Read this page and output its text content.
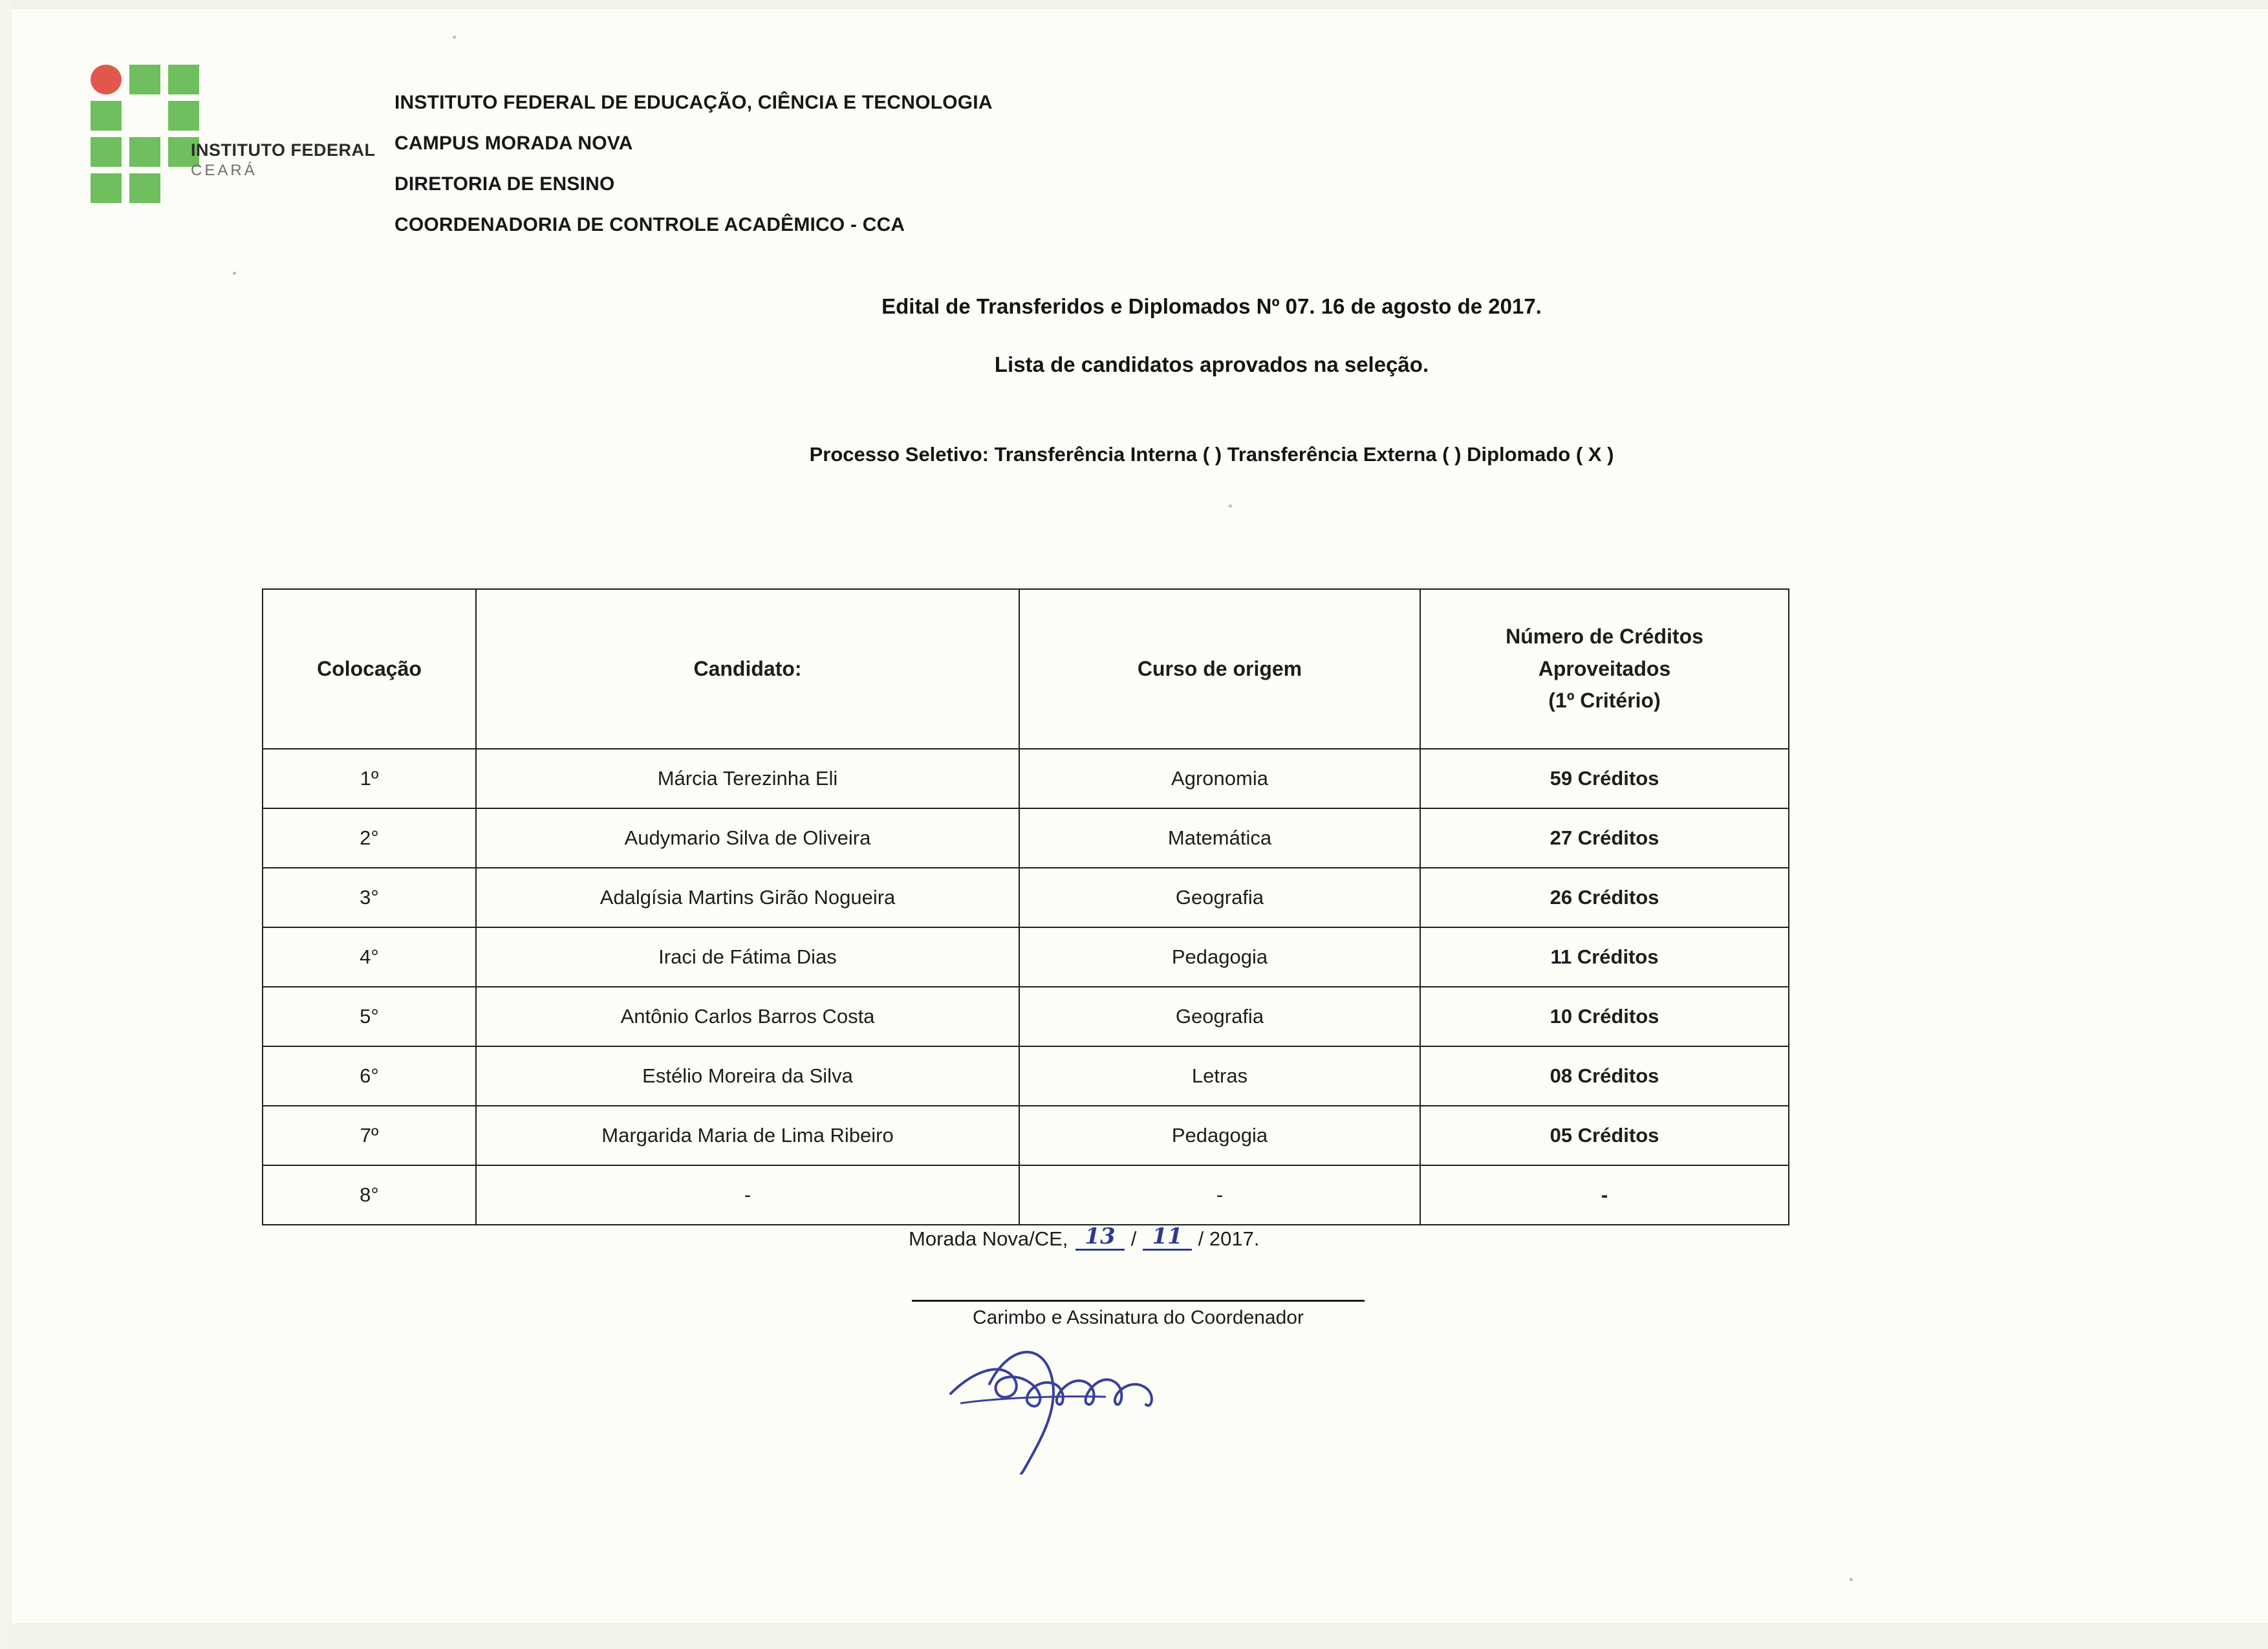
INSTITUTO FEDERAL
CEARÁ
INSTITUTO FEDERAL DE EDUCAÇÃO, CIÊNCIA E TECNOLOGIA
CAMPUS MORADA NOVA
DIRETORIA DE ENSINO
COORDENADORIA DE CONTROLE ACADÊMICO - CCA
Edital de Transferidos e Diplomados Nº 07. 16 de agosto de 2017.
Lista de candidatos aprovados na seleção.
Processo Seletivo: Transferência Interna ( ) Transferência Externa ( ) Diplomado ( X )
Colocação	Candidato:	Curso de origem	Número de Créditos
Aproveitados
(1º Critério)

1º	Márcia Terezinha Eli	Agronomia	59 Créditos
2°	Audymario Silva de Oliveira	Matemática	27 Créditos
3°	Adalgísia Martins Girão Nogueira	Geografia	26 Créditos
4°	Iraci de Fátima Dias	Pedagogia	11 Créditos
5°	Antônio Carlos Barros Costa	Geografia	10 Créditos
6°	Estélio Moreira da Silva	Letras	08 Créditos
7º	Margarida Maria de Lima Ribeiro	Pedagogia	05 Créditos
8°	-	-	-
Morada Nova/CE, 13 / 11 / 2017.
Carimbo e Assinatura do Coordenador
